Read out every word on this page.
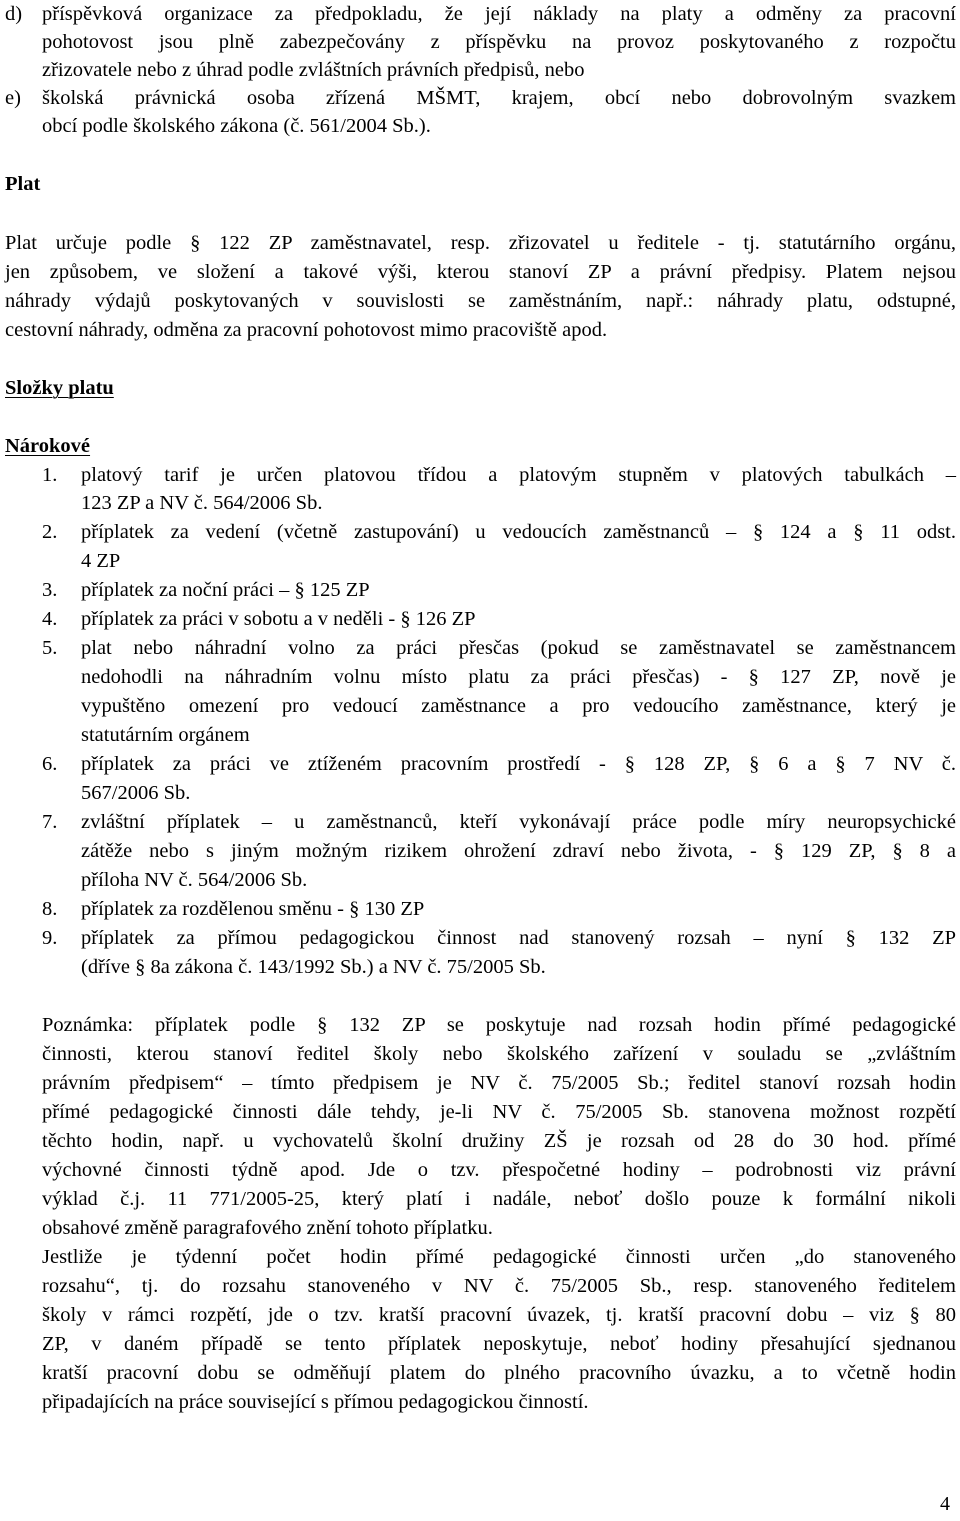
d) příspěvková organizace za předpokladu, že její náklady na platy a odměny za pracovní
pohotovost jsou plně zabezpečovány z příspěvku na provoz poskytovaného z rozpočtu
zřizovatele nebo z úhrad podle zvláštních právních předpisů, nebo
e) školská právnická osoba zřízená MŠMT, krajem, obcí nebo dobrovolným svazkem
obcí podle školského zákona (č. 561/2004 Sb.).
Plat
Plat určuje podle § 122 ZP zaměstnavatel, resp. zřizovatel u ředitele - tj. statutárního orgánu,
jen způsobem, ve složení a takové výši, kterou stanoví ZP a právní předpisy. Platem nejsou
náhrady výdajů poskytovaných v souvislosti se zaměstnáním, např.: náhrady platu, odstupné,
cestovní náhrady, odměna za pracovní pohotovost mimo pracoviště apod.
Složky platu
Nárokové
1. platový tarif je určen platovou třídou a platovým stupněm v platových tabulkách –
123 ZP a NV č. 564/2006 Sb.
2. příplatek za vedení (včetně zastupování) u vedoucích zaměstnanců – § 124 a § 11 odst.
4 ZP
3. příplatek za noční práci – § 125 ZP
4. příplatek za práci v sobotu a v neděli - § 126 ZP
5. plat nebo náhradní volno za práci přesčas (pokud se zaměstnavatel se zaměstnancem
nedohodli na náhradním volnu místo platu za práci přesčas) - § 127 ZP, nově je
vypuštěno omezení pro vedoucí zaměstnance a pro vedoucího zaměstnance, který je
statutárním orgánem
6. příplatek za práci ve ztíženém pracovním prostředí - § 128 ZP, § 6 a § 7 NV č.
567/2006 Sb.
7. zvláštní příplatek – u zaměstnanců, kteří vykonávají práce podle míry neuropsychické
zátěže nebo s jiným možným rizikem ohrožení zdraví nebo života, - § 129 ZP, § 8 a
příloha NV č. 564/2006 Sb.
8. příplatek za rozdělenou směnu - § 130 ZP
9. příplatek za přímou pedagogickou činnost nad stanovený rozsah – nyní § 132 ZP
(dříve § 8a zákona č. 143/1992 Sb.) a NV č. 75/2005 Sb.
Poznámka: příplatek podle § 132 ZP se poskytuje nad rozsah hodin přímé pedagogické
činnosti, kterou stanoví ředitel školy nebo školského zařízení v souladu se „zvláštním
právním předpisem“ – tímto předpisem je NV č. 75/2005 Sb.; ředitel stanoví rozsah hodin
přímé pedagogické činnosti dále tehdy, je-li NV č. 75/2005 Sb. stanovena možnost rozpětí
těchto hodin, např. u vychovatelů školní družiny ZŠ je rozsah od 28 do 30 hod. přímé
výchovné činnosti týdně apod. Jde o tzv. přespočetné hodiny – podrobnosti viz právní
výklad č.j. 11 771/2005-25, který platí i nadále, neboť došlo pouze k formální nikoli
obsahové změně paragrafového znění tohoto příplatku.
Jestliže je týdenní počet hodin přímé pedagogické činnosti určen „do stanoveného
rozsahu“, tj. do rozsahu stanoveného v NV č. 75/2005 Sb., resp. stanoveného ředitelem
školy v rámci rozpětí, jde o tzv. kratší pracovní úvazek, tj. kratší pracovní dobu – viz § 80
ZP, v daném případě se tento příplatek neposkytuje, neboť hodiny přesahující sjednanou
kratší pracovní dobu se odměňují platem do plného pracovního úvazku, a to včetně hodin
připadajících na práce související s přímou pedagogickou činností.
4
